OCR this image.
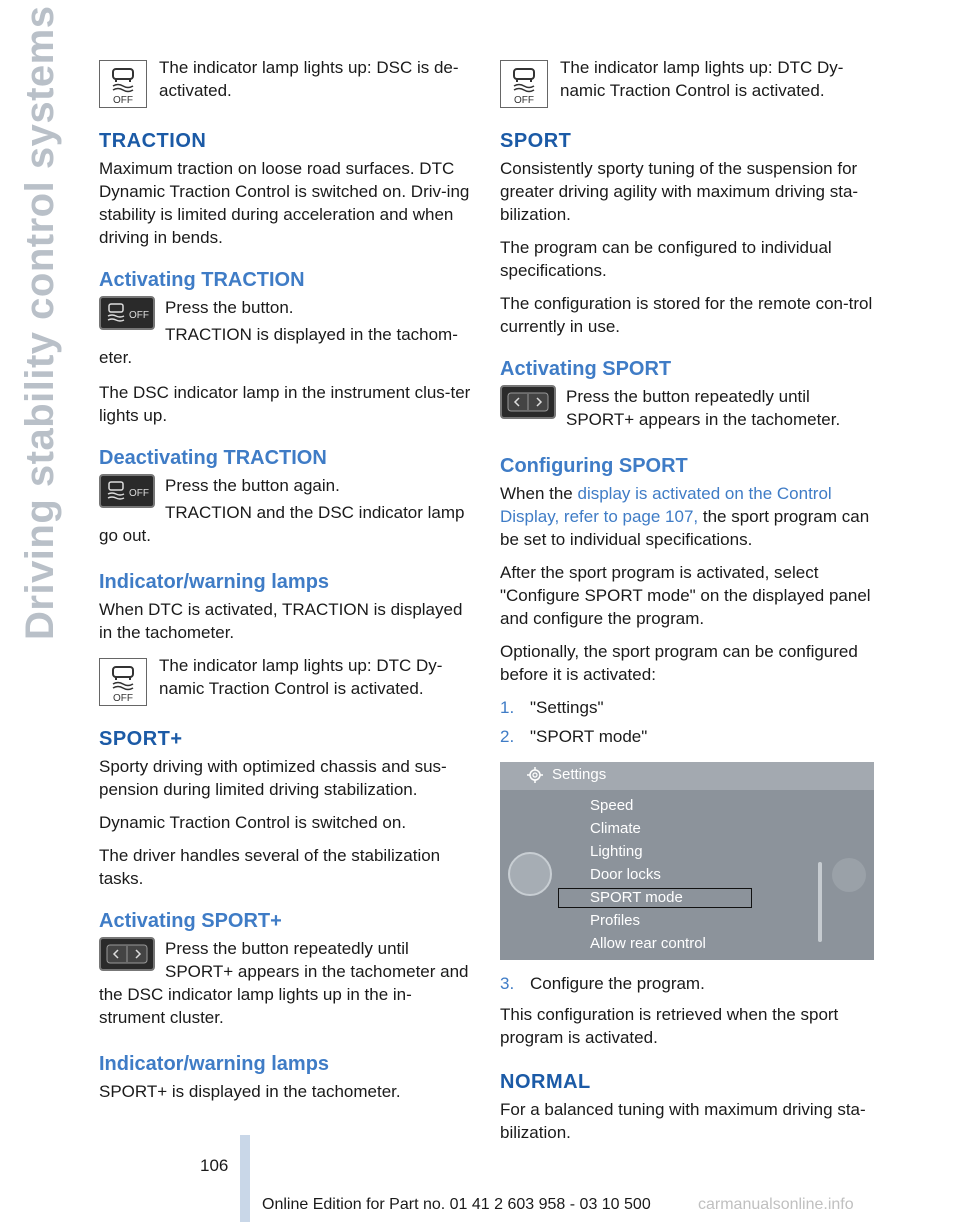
Driving stability control systems	OFF
The indicator lamp lights up: DSC is de-activated.
TRACTION

Maximum traction on loose road surfaces. DTC Dynamic Traction Control is switched on. Driv-ing stability is limited during acceleration and when driving in bends.

Activating TRACTION
OFF Press the button.

TRACTION is displayed in the tachom-eter.

The DSC indicator lamp in the instrument clus-ter lights up.

Deactivating TRACTION
OFF Press the button again.

TRACTION and the DSC indicator lamp go out.

Indicator/warning lamps

When DTC is activated, TRACTION is displayed in the tachometer.

OFF
The indicator lamp lights up: DTC Dy-namic Traction Control is activated.
SPORT+

Sporty driving with optimized chassis and sus-pension during limited driving stabilization.

Dynamic Traction Control is switched on.

The driver handles several of the stabilization tasks.

Activating SPORT+

Press the button repeatedly until SPORT+ appears in the tachometer and the DSC indicator lamp lights up in the in-strument cluster.

Indicator/warning lamps

SPORT+ is displayed in the tachometer.

OFF
The indicator lamp lights up: DTC Dy-namic Traction Control is activated.
SPORT

Consistently sporty tuning of the suspension for greater driving agility with maximum driving sta-bilization.

The program can be configured to individual specifications.

The configuration is stored for the remote con-trol currently in use.

Activating SPORT

Press the button repeatedly until SPORT+ appears in the tachometer.

Configuring SPORT

When the display is activated on the Control Display, refer to page 107, the sport program can be set to individual specifications.

After the sport program is activated, select "Configure SPORT mode" on the displayed panel and configure the program.

Optionally, the sport program can be configured before it is activated:

1. "Settings"
2. "SPORT mode"
Settings
Speed
Climate
Lighting
Door locks
SPORT mode
Profiles
Allow rear control
3. Configure the program.

This configuration is retrieved when the sport program is activated.

NORMAL

For a balanced tuning with maximum driving sta-bilization.

106
Online Edition for Part no. 01 41 2 603 958 - 03 10 500	carmanualsonline.info
